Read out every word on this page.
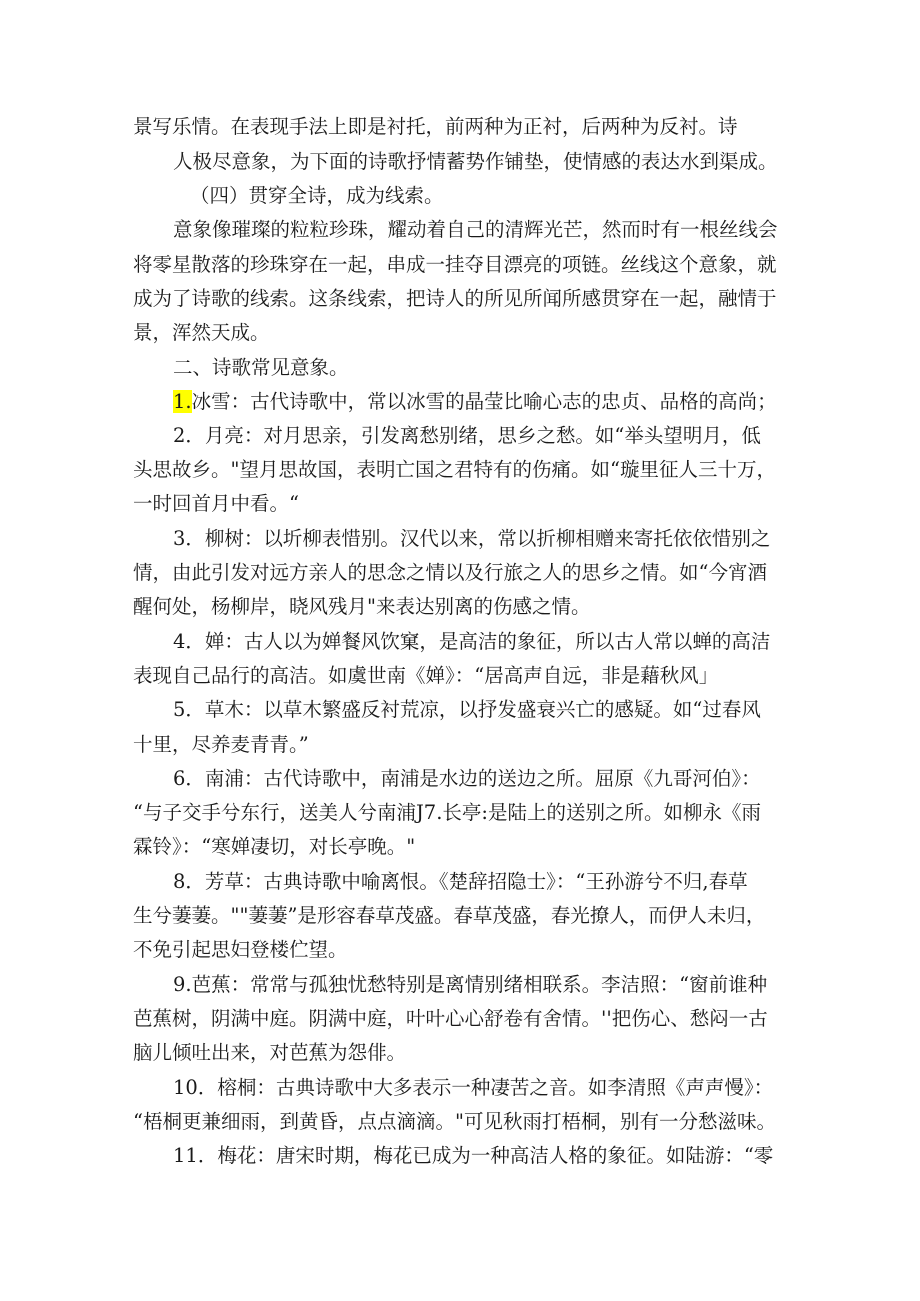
景写乐情。在表现手法上即是衬托，前两种为正衬，后两种为反衬。诗
人极尽意象，为下面的诗歌抒情蓄势作铺垫，使情感的表达水到渠成。
（四）贯穿全诗，成为线索。
意象像璀璨的粒粒珍珠，耀动着自己的清辉光芒，然而时有一根丝线会
将零星散落的珍珠穿在一起，串成一挂夺目漂亮的项链。丝线这个意象，就
成为了诗歌的线索。这条线索，把诗人的所见所闻所感贯穿在一起，融情于
景，浑然天成。
二、诗歌常见意象。
1.冰雪：古代诗歌中，常以冰雪的晶莹比喻心志的忠贞、品格的高尚；
2．月亮：对月思亲，引发离愁别绪，思乡之愁。如“举头望明月，低
头思故乡。"望月思故国，表明亡国之君特有的伤痛。如“璇里征人三十万，
一时回首月中看。“
3．柳树：以圻柳表惜别。汉代以来，常以折柳相赠来寄托依依惜别之
情，由此引发对远方亲人的思念之情以及行旅之人的思乡之情。如“今宵酒
醒何处，杨柳岸，晓风残月"来表达别离的伤感之情。
4．婵：古人以为婵餐风饮窠，是高洁的象征，所以古人常以蝉的高洁
表现自己品行的高洁。如虞世南《婵》：“居高声自远，非是藉秋风」
5．草木：以草木繁盛反衬荒凉，以抒发盛衰兴亡的感疑。如“过春风
十里，尽养麦青青。”
6．南浦：古代诗歌中，南浦是水边的送边之所。屈原《九哥河伯》：
“与子交手兮东行，送美人兮南浦J7.长亭:是陆上的送别之所。如柳永《雨
霖铃》：“寒婵凄切，对长亭晚。"
8．芳草：古典诗歌中喻离恨。《楚辞招隐士》：“王孙游兮不归,春草
生兮萋萋。""萋萋”是形容春草茂盛。春草茂盛，春光撩人，而伊人未归，
不免引起思妇登楼伫望。
9.芭蕉：常常与孤独忧愁特别是离情别绪相联系。李洁照：“窗前谁种
芭蕉树，阴满中庭。阴满中庭，叶叶心心舒卷有舍情。''把伤心、愁闷一古
脑儿倾吐出来，对芭蕉为怨俳。
10．榕桐：古典诗歌中大多表示一种凄苦之音。如李清照《声声慢》：
“梧桐更兼细雨，到黄昏，点点滴滴。"可见秋雨打梧桐，别有一分愁滋味。
11．梅花：唐宋时期，梅花已成为一种高洁人格的象征。如陆游：“零
